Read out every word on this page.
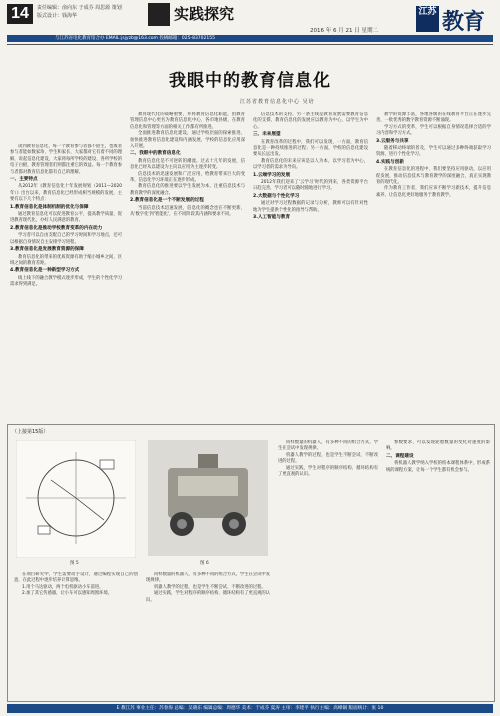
14	责任编辑：俞向东 于成芬 周思源 策划
版式设计：钱海华	实践探究
2016 年 6 月 21 日 星期二
江苏 教育
与江苏省电化教育馆合办 EMAIL:jsjyzb@163.com 投稿邮箱：025-83702155
我眼中的教育信息化
江苏省教育信息化中心 吴培

谈到教育信息化，每一个教育参与者都不陌生，也或者参与者能如数家珍，学生和家长、大家都对它有着不同的理解，说起信息化建设，大家将每所学校的建设、各所学校的电子白板，教育管理者们则都注重它的效益。每一个教育参与者都对教育信息化都有自己的理解。

一、主要特点

从2012年《教育信息化十年发展规划（2011—2020年）》出台以来，教育信息化已经形成相当规模的发展，主要有以下几个特点：

1.教育信息化是体制机制的优化与保障

通过教育信息化可以促进教育公平，提高教学质量，促进教育现代化，办好人民满意的教育。

2.教育信息化是推动学校教育变革的内在动力

学习者可以自由支配自己的学习时间和学习地点，还可以根据自身情况自主安排学习进程。

3.教育信息化是发展教育资源的保障

教育信息化的带来的优质资源有助于缩小城乡之间、区域之间的教育差距。

4.教育信息化是一种新型学习方式

线上线下的融合教学模式逐步形成，学生的个性化学习需求得到满足。

教育现代化的战略重要，并将教育信息化职能，由教育管理信息中心更名为教育信息化中心，各市地县级，在教育信息化和管理等方面的相关工作都有所推进。

全面推进教育信息化建设，通过学校层面的探索推进，加快推进教育信息化建设和内涵发展，学校的信息化应用深入开展。

二、我眼中的教育信息化

教育信息化是不可逆转的潮流。过去十几年的发展，信息化已经从以建设为主向以应用为主逐步转变。

信息技术的迅速发展和广泛应用，给教育带来巨大的变革，信息化学习环境正在逐步形成。

教育信息化的推进要以学生发展为本，注重信息技术与教育教学的深度融合。

2.教育信息化是一个不断发展的过程

当前信息技术迅速发展，信息化的概念也在不断更新，从'数字化'到'智能化'，在不同阶段其内涵和要求不同。

信息技术的支持，另一条主线是教育发展需要教育信息化的支撑，教育信息化的发展应以教育为中心，以学生为中心。

三、未来展望

在教育改革的过程中，我们可以发现，一方面，教育信息化是一种持续推进的过程；另一方面，学校的信息化建设要从长远出发。

教育信息化的未来应该是以人为本，以学习者为中心，以学习者的需求为导向。

1.云端学习的发展

2012年我们迎来了'云学习'时代的到来，各类资源平台日趋完善，学习者可以随时随地进行学习。

2.大数据与个性化学习

通过对学习过程数据的记录与分析，教师可以有针对性地为学生提供个性化的指导与帮助。

3.人工智能与教育

教学的资源丰富，各地各级的在线教育平台正在逐步完善，一批优秀的数字教育资源不断涌现。

学习方式的变革，学生可以根据自身情况选择合适的学习内容和学习方式。

3.云服务与共享

随着移动终端的普及，学生可以通过多种终端获取学习资源，进行个性化学习。

4.实践与创新

在教育信息化的进程中，我们要坚持应用驱动，以应用促发展，推动信息技术与教育教学的深度融合，真正实现教育的现代化。

作为教育工作者，我们应该不断学习新技术，提升信息素养，让信息化更好地服务于教育教学。

（上接第15版）
图 5	图 6

在项目研究中，学生需要动手设计，通过编程实现自己的创意，在此过程中逐步培养计算思维。

1.用个马达驱动，两个电机驱动小车前进。

2.加了其它传感器，让小车可以感知周围环境。

同样数量的机器人，有多种不同的组合方式，学生在尝试中发现规律。

机器人教学的过程，也是学生不断尝试、不断改进的过程。

通过实践，学生对程序的顺序结构、循环结构有了更直观的认识。

同样数量的机器人，有多种不同的组合方式，学生在尝试中发现规律。

机器人教学的过程，也是学生不断尝试、不断改进的过程。

通过实践，学生对程序的顺序结构、循环结构有了更直观的认识。

参数要求，可以发现轮胎数量的变化对速度的影响。

二、课程建设

将机器人教学纳入学校的校本课程体系中，形成系统的课程方案，让每一个学生都有机会参与。

E 教江苏 事业主任：苏春海 总编：吴晓东 编辑总编：周德华 美术：于成芬 夏涛 主审：李建平 执行主编：高峰铜 版面统计：张 10
